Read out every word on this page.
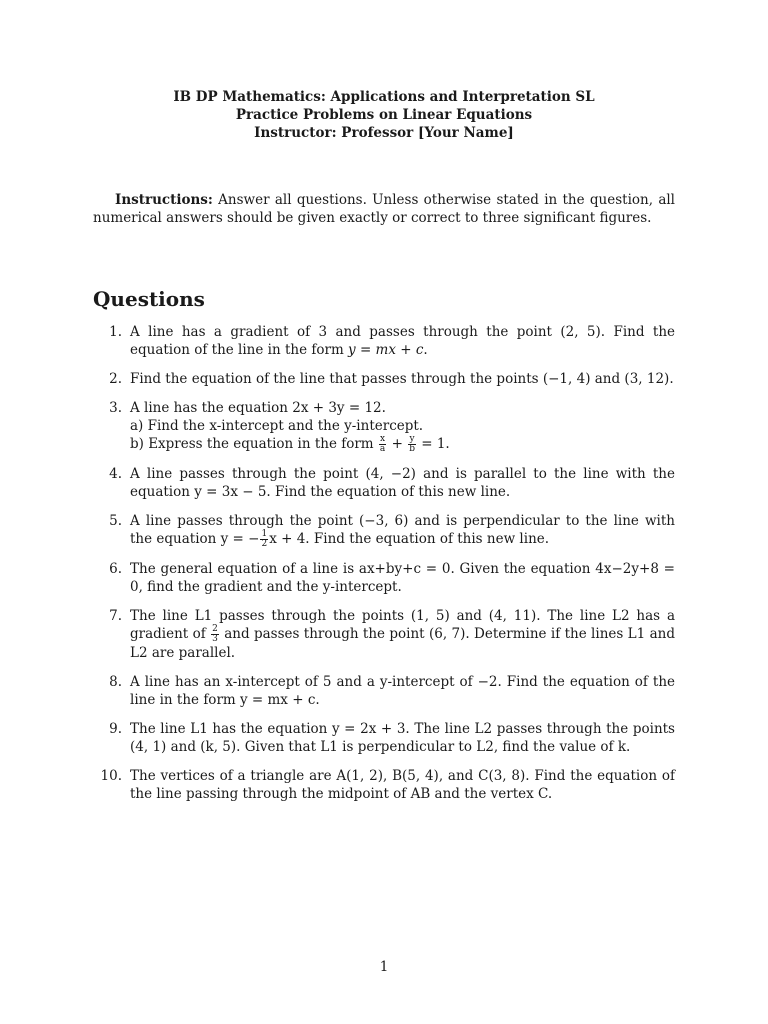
IB DP Mathematics: Applications and Interpretation SL
Practice Problems on Linear Equations
Instructor: Professor [Your Name]
Instructions: Answer all questions. Unless otherwise stated in the question, all numerical answers should be given exactly or correct to three significant figures.
Questions
1. A line has a gradient of 3 and passes through the point (2, 5). Find the equation of the line in the form y = mx + c.
2. Find the equation of the line that passes through the points (−1, 4) and (3, 12).
3. A line has the equation 2x + 3y = 12.
a) Find the x-intercept and the y-intercept.
b) Express the equation in the form $\frac{x}{a} + \frac{y}{b} = 1$.
4. A line passes through the point (4, −2) and is parallel to the line with the equation y = 3x − 5. Find the equation of this new line.
5. A line passes through the point (−3, 6) and is perpendicular to the line with the equation y = − $\frac{1}{2}$ x + 4. Find the equation of this new line.
6. The general equation of a line is ax+by+c = 0. Given the equation 4x−2y+8 = 0, find the gradient and the y-intercept.
7. The line L1 passes through the points (1, 5) and (4, 11). The line L2 has a gradient of $\frac{2}{3}$ and passes through the point (6, 7). Determine if the lines L1 and L2 are parallel.
8. A line has an x-intercept of 5 and a y-intercept of −2. Find the equation of the line in the form y = mx + c.
9. The line L1 has the equation y = 2x + 3. The line L2 passes through the points (4, 1) and (k, 5). Given that L1 is perpendicular to L2, find the value of k.
10. The vertices of a triangle are A(1, 2), B(5, 4), and C(3, 8). Find the equation of the line passing through the midpoint of AB and the vertex C.
1
